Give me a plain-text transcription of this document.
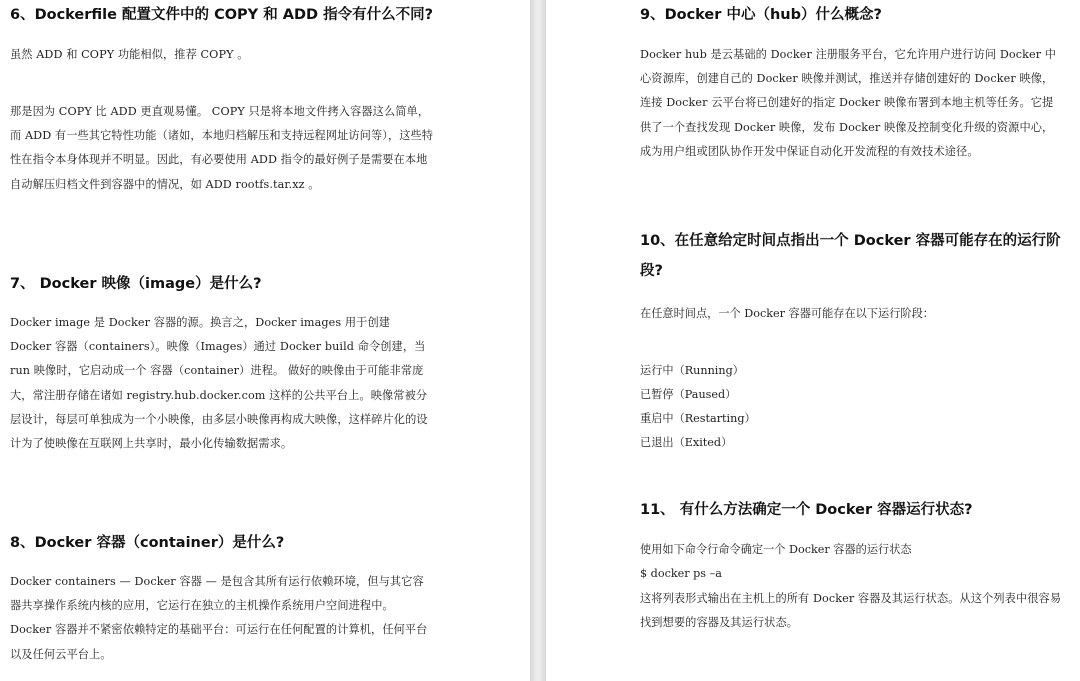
6、Dockerfile 配置文件中的 COPY 和 ADD 指令有什么不同?

虽然 ADD 和 COPY 功能相似，推荐 COPY 。

那是因为 COPY 比 ADD 更直观易懂。 COPY 只是将本地文件拷入容器这么简单，而 ADD 有一些其它特性功能（诸如，本地归档解压和支持远程网址访问等），这些特性在指令本身体现并不明显。因此，有必要使用 ADD 指令的最好例子是需要在本地自动解压归档文件到容器中的情况，如 ADD rootfs.tar.xz 。

7、 Docker 映像（image）是什么?

Docker image 是 Docker 容器的源。换言之，Docker images 用于创建 Docker 容器（containers）。映像（Images）通过 Docker build 命令创建，当 run 映像时，它启动成一个 容器（container）进程。 做好的映像由于可能非常庞大，常注册存储在诸如 registry.hub.docker.com 这样的公共平台上。映像常被分层设计，每层可单独成为一个小映像，由多层小映像再构成大映像，这样碎片化的设计为了使映像在互联网上共享时，最小化传输数据需求。

8、Docker 容器（container）是什么?

Docker containers — Docker 容器 — 是包含其所有运行依赖环境，但与其它容器共享操作系统内核的应用，它运行在独立的主机操作系统用户空间进程中。Docker 容器并不紧密依赖特定的基础平台：可运行在任何配置的计算机，任何平台以及任何云平台上。

9、Docker 中心（hub）什么概念?

Docker hub 是云基础的 Docker 注册服务平台，它允许用户进行访问 Docker 中心资源库，创建自己的 Docker 映像并测试，推送并存储创建好的 Docker 映像，连接 Docker 云平台将已创建好的指定 Docker 映像布署到本地主机等任务。它提供了一个查找发现 Docker 映像，发布 Docker 映像及控制变化升级的资源中心，成为用户组或团队协作开发中保证自动化开发流程的有效技术途径。

10、在任意给定时间点指出一个 Docker 容器可能存在的运行阶段?

在任意时间点，一个 Docker 容器可能存在以下运行阶段：

运行中（Running）

已暂停（Paused）

重启中（Restarting）

已退出（Exited）

11、 有什么方法确定一个 Docker 容器运行状态?

使用如下命令行命令确定一个 Docker 容器的运行状态

$ docker ps –a

这将列表形式输出在主机上的所有 Docker 容器及其运行状态。从这个列表中很容易找到想要的容器及其运行状态。
